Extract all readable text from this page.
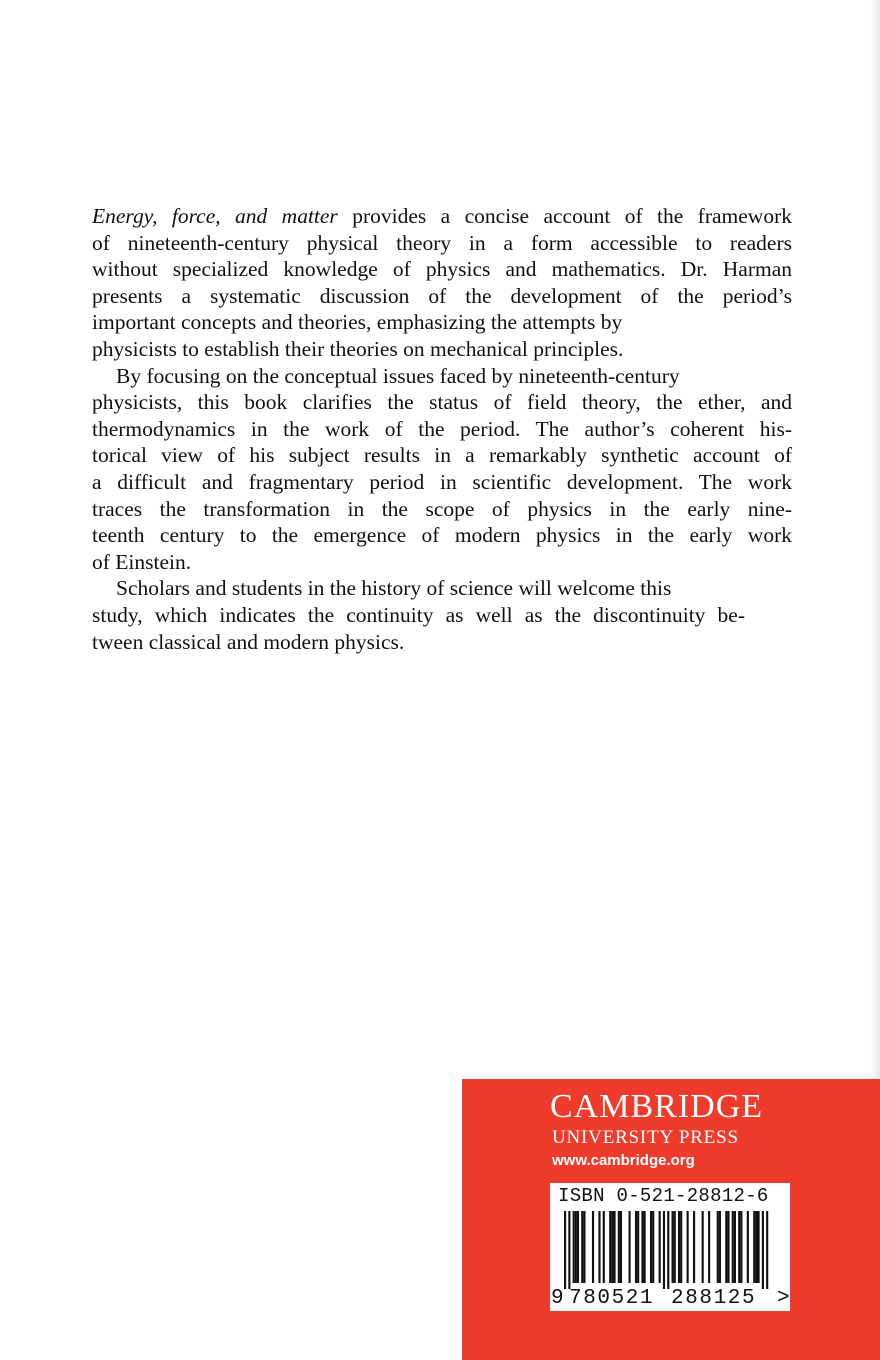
Energy, force, and matter provides a concise account of the framework
of nineteenth-century physical theory in a form accessible to readers
without specialized knowledge of physics and mathematics. Dr. Harman
presents a systematic discussion of the development of the period’s
important concepts and theories, emphasizing the attempts by
physicists to establish their theories on mechanical principles.

By focusing on the conceptual issues faced by nineteenth-century
physicists, this book clarifies the status of field theory, the ether, and
thermodynamics in the work of the period. The author’s coherent his-
torical view of his subject results in a remarkably synthetic account of
a difficult and fragmentary period in scientific development. The work
traces the transformation in the scope of physics in the early nine-
teenth century to the emergence of modern physics in the early work
of Einstein.

Scholars and students in the history of science will welcome this
study, which indicates the continuity as well as the discontinuity be-
tween classical and modern physics.

CAMBRIDGE
UNIVERSITY PRESS
www.cambridge.org
ISBN 0-521-28812-6
9 780521 288125 >
